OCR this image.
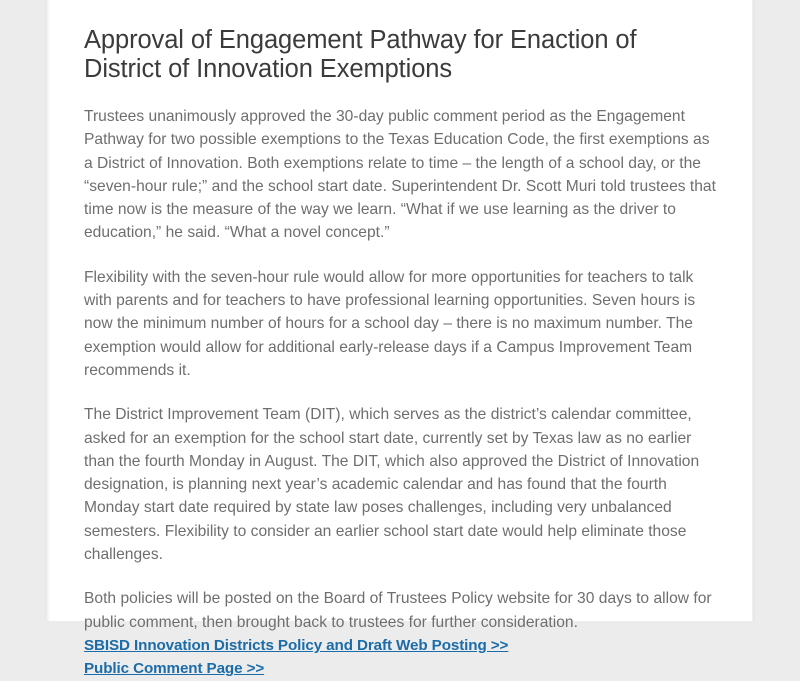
Approval of Engagement Pathway for Enaction of District of Innovation Exemptions

Trustees unanimously approved the 30-day public comment period as the Engagement Pathway for two possible exemptions to the Texas Education Code, the first exemptions as a District of Innovation. Both exemptions relate to time – the length of a school day, or the “seven-hour rule;” and the school start date. Superintendent Dr. Scott Muri told trustees that time now is the measure of the way we learn. “What if we use learning as the driver to education,” he said. “What a novel concept.”

Flexibility with the seven-hour rule would allow for more opportunities for teachers to talk with parents and for teachers to have professional learning opportunities. Seven hours is now the minimum number of hours for a school day – there is no maximum number. The exemption would allow for additional early-release days if a Campus Improvement Team recommends it.

The District Improvement Team (DIT), which serves as the district’s calendar committee, asked for an exemption for the school start date, currently set by Texas law as no earlier than the fourth Monday in August. The DIT, which also approved the District of Innovation designation, is planning next year’s academic calendar and has found that the fourth Monday start date required by state law poses challenges, including very unbalanced semesters. Flexibility to consider an earlier school start date would help eliminate those challenges.

Both policies will be posted on the Board of Trustees Policy website for 30 days to allow for public comment, then brought back to trustees for further consideration.

SBISD Innovation Districts Policy and Draft Web Posting >>
Public Comment Page >>
